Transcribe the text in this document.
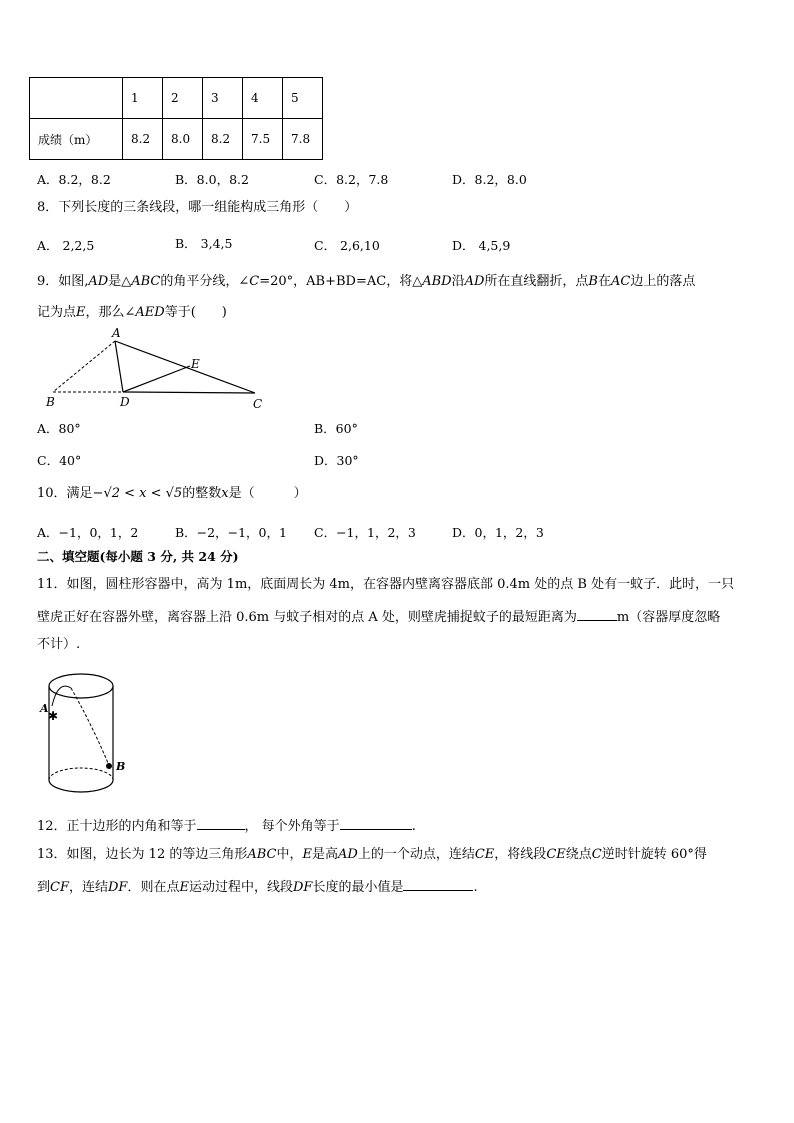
	1	2	3	4	5
成绩（m）	8.2	8.0	8.2	7.5	7.8
A．8.2，8.2	B．8.0，8.2	C．8.2，7.8	D．8.2，8.0
8．下列长度的三条线段，哪一组能构成三角形（　　）
A． 2,2,5	B． 3,4,5	C． 2,6,10	D． 4,5,9
9．如图,AD是△ABC的角平分线，∠C=20°，AB+BD=AC，将△ABD沿AD所在直线翻折，点B在AC边上的落点
记为点E，那么∠AED等于(　　)
A
B	D	C
E
A．80°	B．60°
C．40°	D．30°
10．满足−√2 < x < √5的整数x是（　　　）
A．−1，0，1，2	B．−2，−1，0，1 C．−1，1，2，3	D．0，1，2，3
二、填空题(每小题 3 分, 共 24 分)
11．如图，圆柱形容器中，高为 1m，底面周长为 4m，在容器内壁离容器底部 0.4m 处的点 B 处有一蚊子．此时，一只
壁虎正好在容器外壁，离容器上沿 0.6m 与蚊子相对的点 A 处，则壁虎捕捉蚊子的最短距离为	m（容器厚度忽略
不计）.
✱
A
B
12．正十边形的内角和等于	， 每个外角等于	.
13．如图，边长为 12 的等边三角形ABC中，E是高AD上的一个动点，连结CE，将线段CE绕点C逆时针旋转 60°得
到CF，连结DF．则在点E运动过程中，线段DF长度的最小值是	.
